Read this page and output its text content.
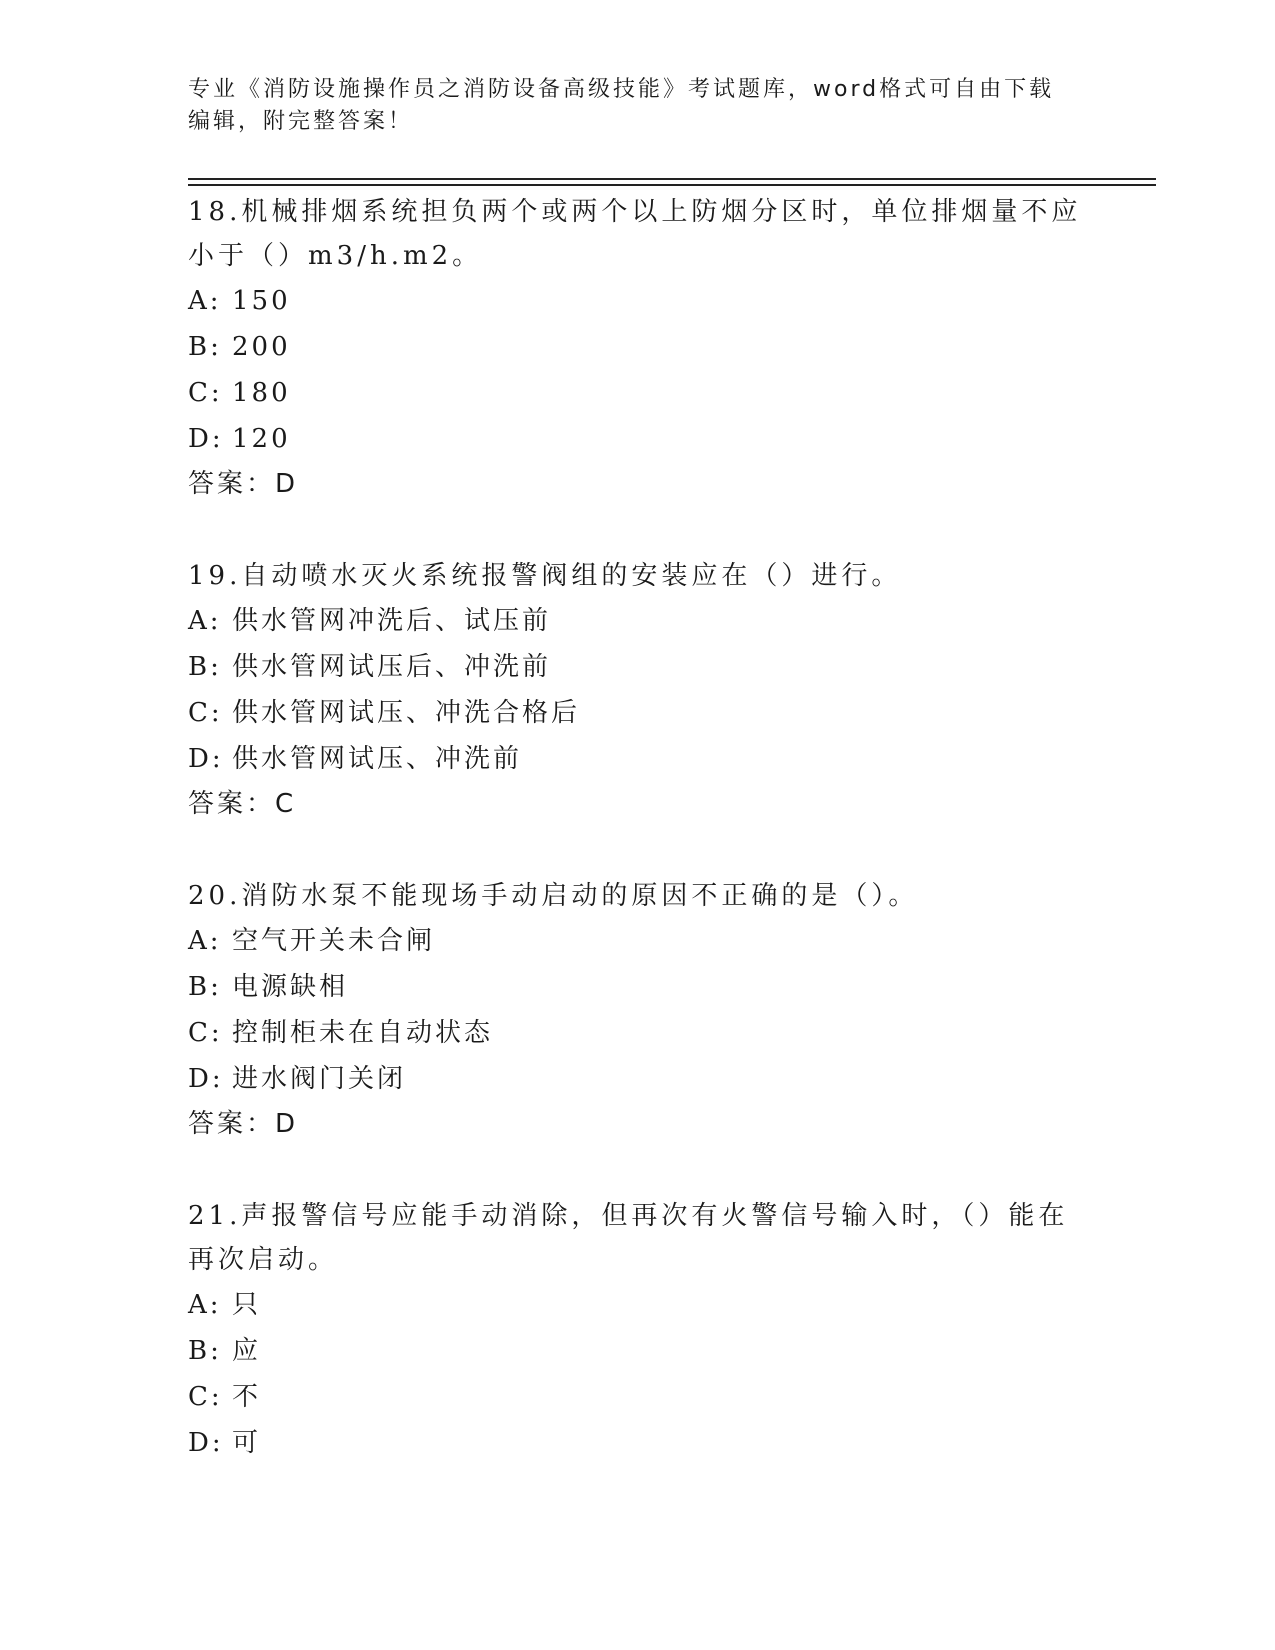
专业《消防设施操作员之消防设备高级技能》考试题库，word格式可自由下载编辑，附完整答案！

18.机械排烟系统担负两个或两个以上防烟分区时，单位排烟量不应小于（）m3/h.m2。

A: 150

B: 200

C: 180

D: 120

答案：D

19.自动喷水灭火系统报警阀组的安装应在（）进行。

A: 供水管网冲洗后、试压前

B: 供水管网试压后、冲洗前

C: 供水管网试压、冲洗合格后

D: 供水管网试压、冲洗前

答案：C

20.消防水泵不能现场手动启动的原因不正确的是（）。

A: 空气开关未合闸

B: 电源缺相

C: 控制柜未在自动状态

D: 进水阀门关闭

答案：D

21.声报警信号应能手动消除，但再次有火警信号输入时，（）能在再次启动。

A: 只

B: 应

C: 不

D: 可
